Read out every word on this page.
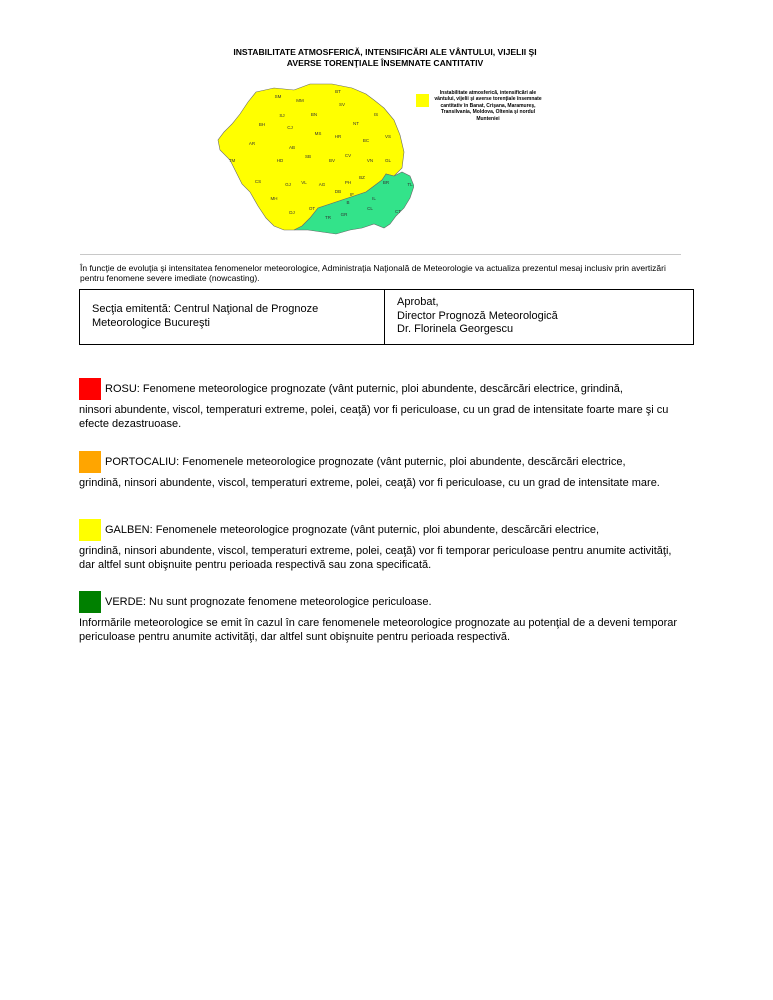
INSTABILITATE ATMOSFERICĂ, INTENSIFICĂRI ALE VÂNTULUI, VIJELII ŞI
AVERSE TORENŢIALE ÎNSEMNATE CANTITATIV
SM
MM
BT
SV
SJ	BN	IS
BH
CJ
NT
MS
HR	VS
BC
AR
AB
SB	CV
VN	GL
TM	HD	BV
CS	VL	AG	PH
GJ
MH
DJ
OT
BZ
BR	TL
DB
IF
B
IL
CL
CT
TR
GR
Instabilitate atmosferică, intensificări ale vântului, vijelii şi averse torenţiale însemnate cantitativ în Banat, Crişana, Maramureş, Transilvania, Moldova, Oltenia şi nordul Munteniei
În funcţie de evoluţia şi intensitatea fenomenelor meteorologice, Administraţia Naţională de Meteorologie va actualiza prezentul mesaj inclusiv prin avertizări pentru fenomene severe imediate (nowcasting).
Secţia emitentă: Centrul Naţional de Prognoze Meteorologice Bucureşti
Aprobat,
Director Prognoză Meteorologică
Dr. Florinela Georgescu
ROSU: Fenomene meteorologice prognozate (vânt puternic, ploi abundente, descărcări electrice, grindină,
ninsori abundente, viscol, temperaturi extreme, polei, ceaţă) vor fi periculoase, cu un grad de intensitate foarte mare şi cu efecte dezastruoase.
PORTOCALIU: Fenomenele meteorologice prognozate (vânt puternic, ploi abundente, descărcări electrice,
grindină, ninsori abundente, viscol, temperaturi extreme, polei, ceaţă) vor fi periculoase, cu un grad de intensitate mare.
GALBEN: Fenomenele meteorologice prognozate (vânt puternic, ploi abundente, descărcări electrice,
grindină, ninsori abundente, viscol, temperaturi extreme, polei, ceaţă) vor fi temporar periculoase pentru anumite activităţi, dar altfel sunt obişnuite pentru perioada respectivă sau zona specificată.
VERDE: Nu sunt prognozate fenomene meteorologice periculoase.
Informările meteorologice se emit în cazul în care fenomenele meteorologice prognozate au potenţial de a deveni temporar periculoase pentru anumite activităţi, dar altfel sunt obişnuite pentru perioada respectivă.
